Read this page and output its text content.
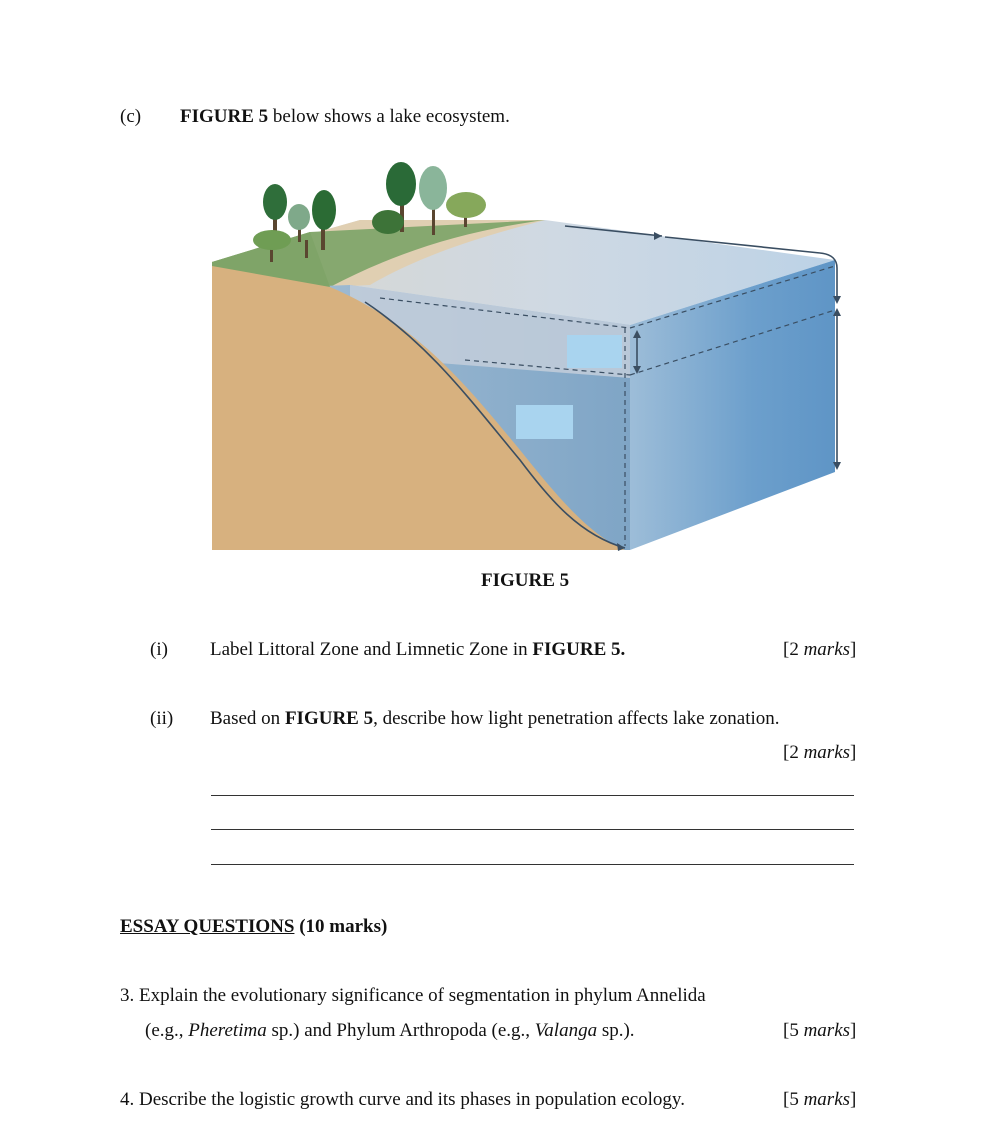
(c) FIGURE 5 below shows a lake ecosystem.
FIGURE 5
(i) Label Littoral Zone and Limnetic Zone in FIGURE 5.	[2 marks]
(ii) Based on FIGURE 5, describe how light penetration affects lake zonation.
[2 marks]
ESSAY QUESTIONS (10 marks)
3. Explain the evolutionary significance of segmentation in phylum Annelida
(e.g., Pheretima sp.) and Phylum Arthropoda (e.g., Valanga sp.).	[5 marks]
4. Describe the logistic growth curve and its phases in population ecology.	[5 marks]
